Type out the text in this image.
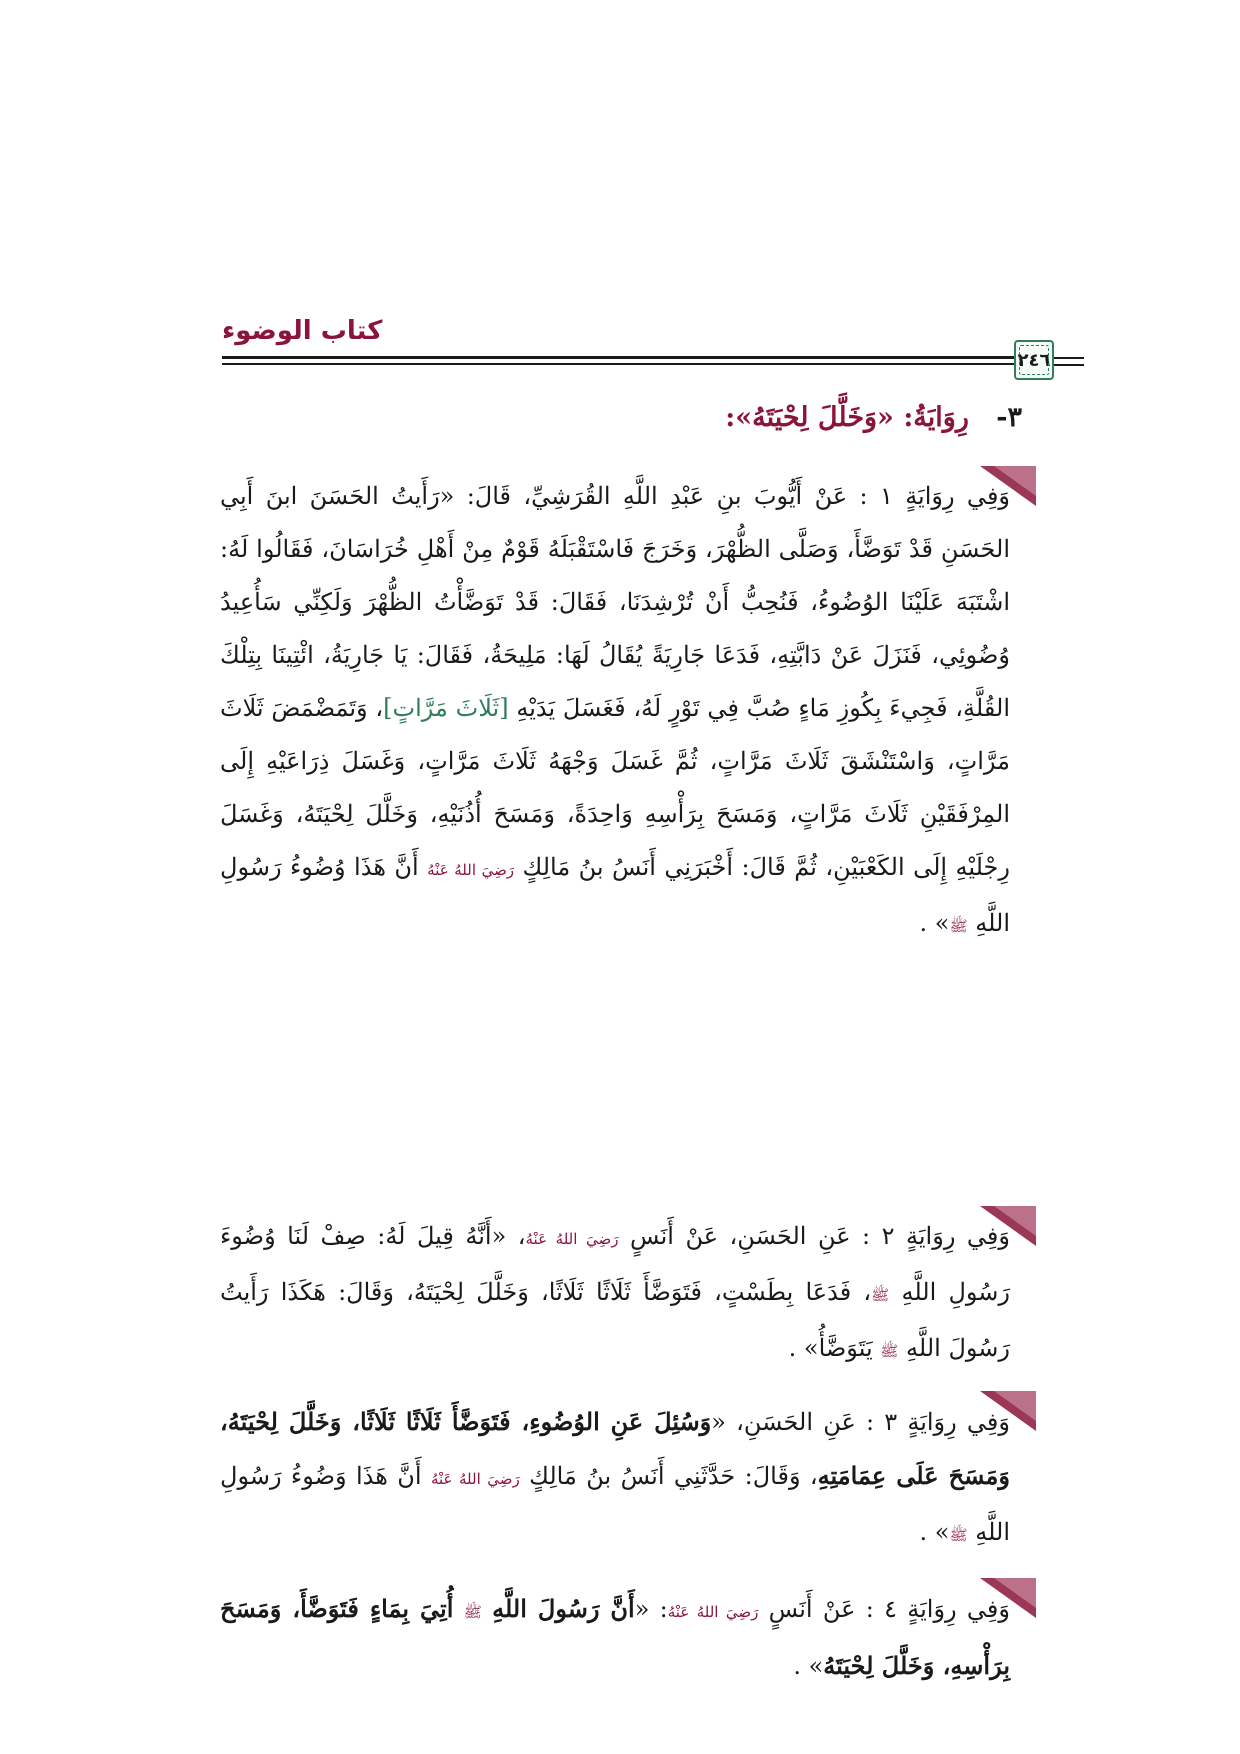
كتاب الوضوء
٢٤٦
٣- رِوَايَةُ: «وَخَلَّلَ لِحْيَتَهُ»:
وَفِي رِوَايَةٍ ١ : عَنْ أَيُّوبَ بنِ عَبْدِ اللَّهِ القُرَشِيِّ، قَالَ: «رَأَيتُ الحَسَنَ ابنَ أَبِي الحَسَنِ قَدْ تَوَضَّأَ، وَصَلَّى الظُّهْرَ، وَخَرَجَ فَاسْتَقْبَلَهُ قَوْمٌ مِنْ أَهْلِ خُرَاسَانَ، فَقَالُوا لَهُ: اشْتَبَهَ عَلَيْنَا الوُضُوءُ، فَنُحِبُّ أَنْ تُرْشِدَنَا، فَقَالَ: قَدْ تَوَضَّأْتُ الظُّهْرَ وَلَكِنِّي سَأُعِيدُ وُضُوئِي، فَنَزَلَ عَنْ دَابَّتِهِ، فَدَعَا جَارِيَةً يُقَالُ لَهَا: مَلِيحَةُ، فَقَالَ: يَا جَارِيَةُ، ائْتِينَا بِتِلْكَ القُلَّةِ، فَجِيءَ بِكُوزِ مَاءٍ صُبَّ فِي تَوْرٍ لَهُ، فَغَسَلَ يَدَيْهِ [ثَلَاثَ مَرَّاتٍ]، وَتَمَضْمَضَ ثَلَاثَ مَرَّاتٍ، وَاسْتَنْشَقَ ثَلَاثَ مَرَّاتٍ، ثُمَّ غَسَلَ وَجْهَهُ ثَلَاثَ مَرَّاتٍ، وَغَسَلَ ذِرَاعَيْهِ إِلَى المِرْفَقَيْنِ ثَلَاثَ مَرَّاتٍ، وَمَسَحَ بِرَأْسِهِ وَاحِدَةً، وَمَسَحَ أُذُنَيْهِ، وَخَلَّلَ لِحْيَتَهُ، وَغَسَلَ رِجْلَيْهِ إِلَى الكَعْبَيْنِ، ثُمَّ قَالَ: أَخْبَرَنِي أَنَسُ بنُ مَالِكٍ رَضِيَ اللهُ عَنْهُ أَنَّ هَذَا وُضُوءُ رَسُولِ اللَّهِ ﷺ» .
وَفِي رِوَايَةٍ ٢ : عَنِ الحَسَنِ، عَنْ أَنَسٍ رَضِيَ اللهُ عَنْهُ، «أَنَّهُ قِيلَ لَهُ: صِفْ لَنَا وُضُوءَ رَسُولِ اللَّهِ ﷺ، فَدَعَا بِطَسْتٍ، فَتَوَضَّأَ ثَلَاثًا ثَلَاثًا، وَخَلَّلَ لِحْيَتَهُ، وَقَالَ: هَكَذَا رَأَيتُ رَسُولَ اللَّهِ ﷺ يَتَوَضَّأُ» .
وَفِي رِوَايَةٍ ٣ : عَنِ الحَسَنِ، «وَسُئِلَ عَنِ الوُضُوءِ، فَتَوَضَّأَ ثَلَاثًا ثَلَاثًا، وَخَلَّلَ لِحْيَتَهُ، وَمَسَحَ عَلَى عِمَامَتِهِ، وَقَالَ: حَدَّثَنِي أَنَسُ بنُ مَالِكٍ رَضِيَ اللهُ عَنْهُ أَنَّ هَذَا وَضُوءُ رَسُولِ اللَّهِ ﷺ» .
وَفِي رِوَايَةٍ ٤ : عَنْ أَنَسٍ رَضِيَ اللهُ عَنْهُ: «أَنَّ رَسُولَ اللَّهِ ﷺ أُتِيَ بِمَاءٍ فَتَوَضَّأَ، وَمَسَحَ بِرَأْسِهِ، وَخَلَّلَ لِحْيَتَهُ» .
